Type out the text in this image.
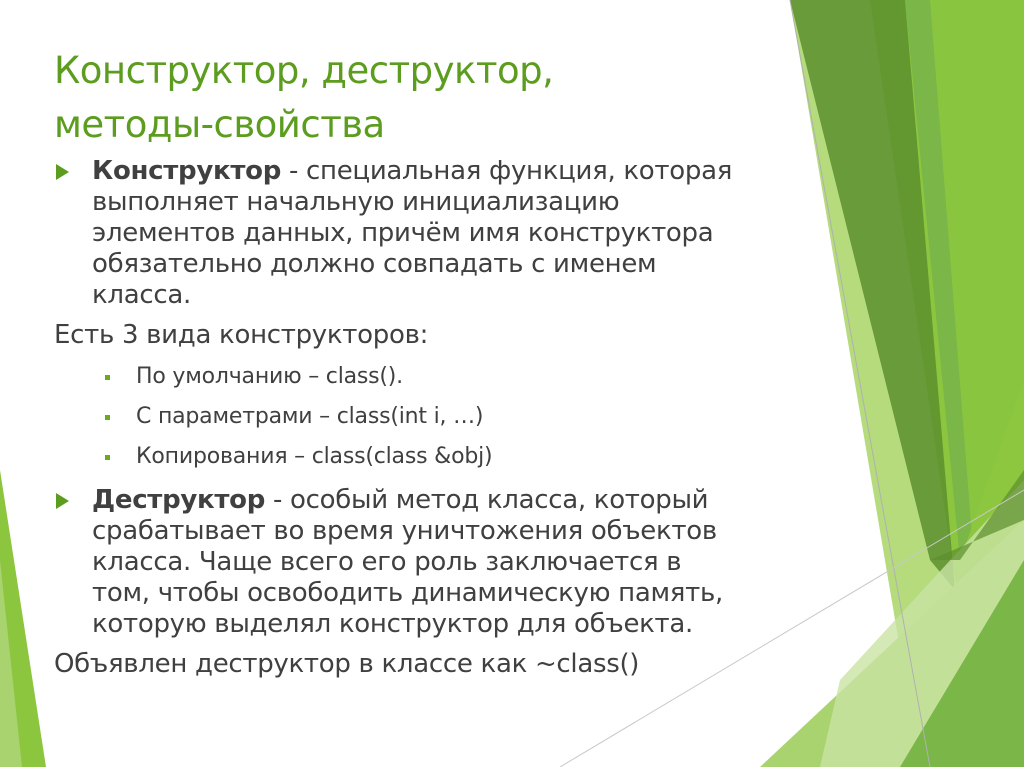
Конструктор, деструктор,
методы-свойства
Конструктор - специальная функция, которая
выполняет начальную инициализацию
элементов данных, причём имя конструктора
обязательно должно совпадать с именем
класса.
Есть 3 вида конструкторов:
По умолчанию – class().
С параметрами – class(int i, …)
Копирования – class(class &obj)
Деструктор - особый метод класса, который
срабатывает во время уничтожения объектов
класса. Чаще всего его роль заключается в
том, чтобы освободить динамическую память,
которую выделял конструктор для объекта.
Объявлен деструктор в классе как ~class()
